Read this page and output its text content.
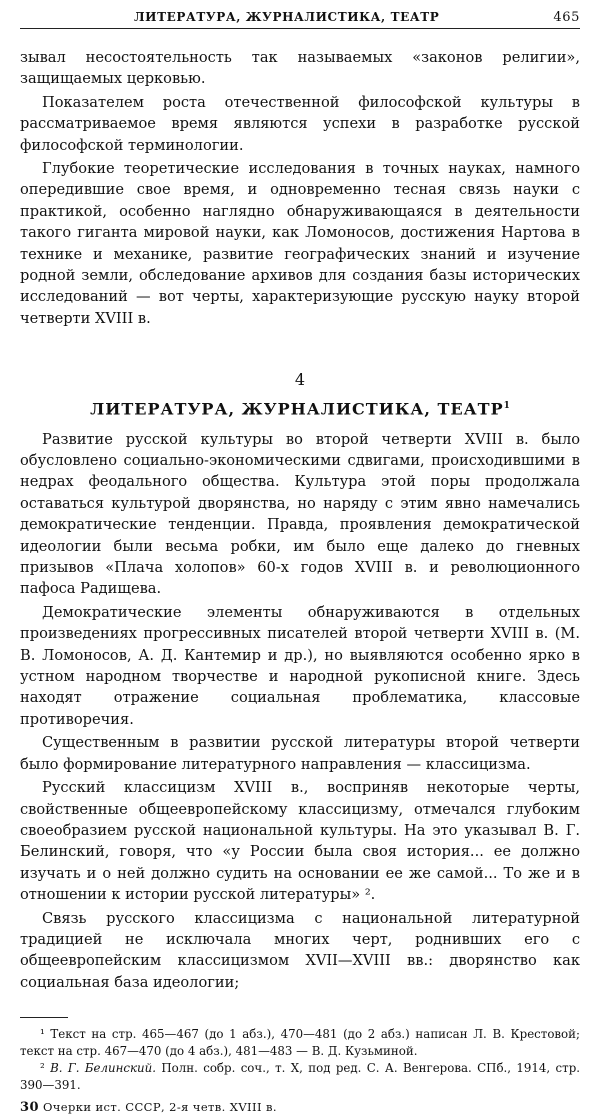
ЛИТЕРАТУРА, ЖУРНАЛИСТИКА, ТЕАТР	465

зывал несостоятельность так называемых «законов религии», защищаемых церковью.

Показателем роста отечественной философской культуры в рассматриваемое время являются успехи в разработке русской философской терминологии.

Глубокие теоретические исследования в точных науках, намного опередившие свое время, и одновременно тесная связь науки с практикой, особенно наглядно обнаруживающаяся в деятельности такого гиганта мировой науки, как Ломоносов, достижения Нартова в технике и механике, развитие географических знаний и изучение родной земли, обследование архивов для создания базы исторических исследований — вот черты, характеризующие русскую науку второй четверти XVIII в.

4
ЛИТЕРАТУРА, ЖУРНАЛИСТИКА, ТЕАТР$^1$

Развитие русской культуры во второй четверти XVIII в. было обусловлено социально-экономическими сдвигами, происходившими в недрах феодального общества. Культура этой поры продолжала оставаться культурой дворянства, но наряду с этим явно намечались демократические тенденции. Правда, проявления демократической идеологии были весьма робки, им было еще далеко до гневных призывов «Плача холопов» 60-х годов XVIII в. и революционного пафоса Радищева.

Демократические элементы обнаруживаются в отдельных произведениях прогрессивных писателей второй четверти XVIII в. (М. В. Ломоносов, А. Д. Кантемир и др.), но выявляются особенно ярко в устном народном творчестве и народной рукописной книге. Здесь находят отражение социальная проблематика, классовые противоречия.

Существенным в развитии русской литературы второй четверти было формирование литературного направления — классицизма.

Русский классицизм XVIII в., восприняв некоторые черты, свойственные общеевропейскому классицизму, отмечался глубоким своеобразием русской национальной культуры. На это указывал В. Г. Белинский, говоря, что «у России была своя история... ее должно изучать и о ней должно судить на основании ее же самой... То же и в отношении к истории русской литературы» ².

Связь русского классицизма с национальной литературной традицией не исключала многих черт, роднивших его с общеевропейским классицизмом XVII—XVIII вв.: дворянство как социальная база идеологии;

¹ Текст на стр. 465—467 (до 1 абз.), 470—481 (до 2 абз.) написан Л. В. Крестовой; текст на стр. 467—470 (до 4 абз.), 481—483 — В. Д. Кузьминой.

² В. Г. Белинский. Полн. собр. соч., т. X, под ред. С. А. Венгерова. СПб., 1914, стр. 390—391.

30 Очерки ист. СССР, 2-я четв. XVIII в.
